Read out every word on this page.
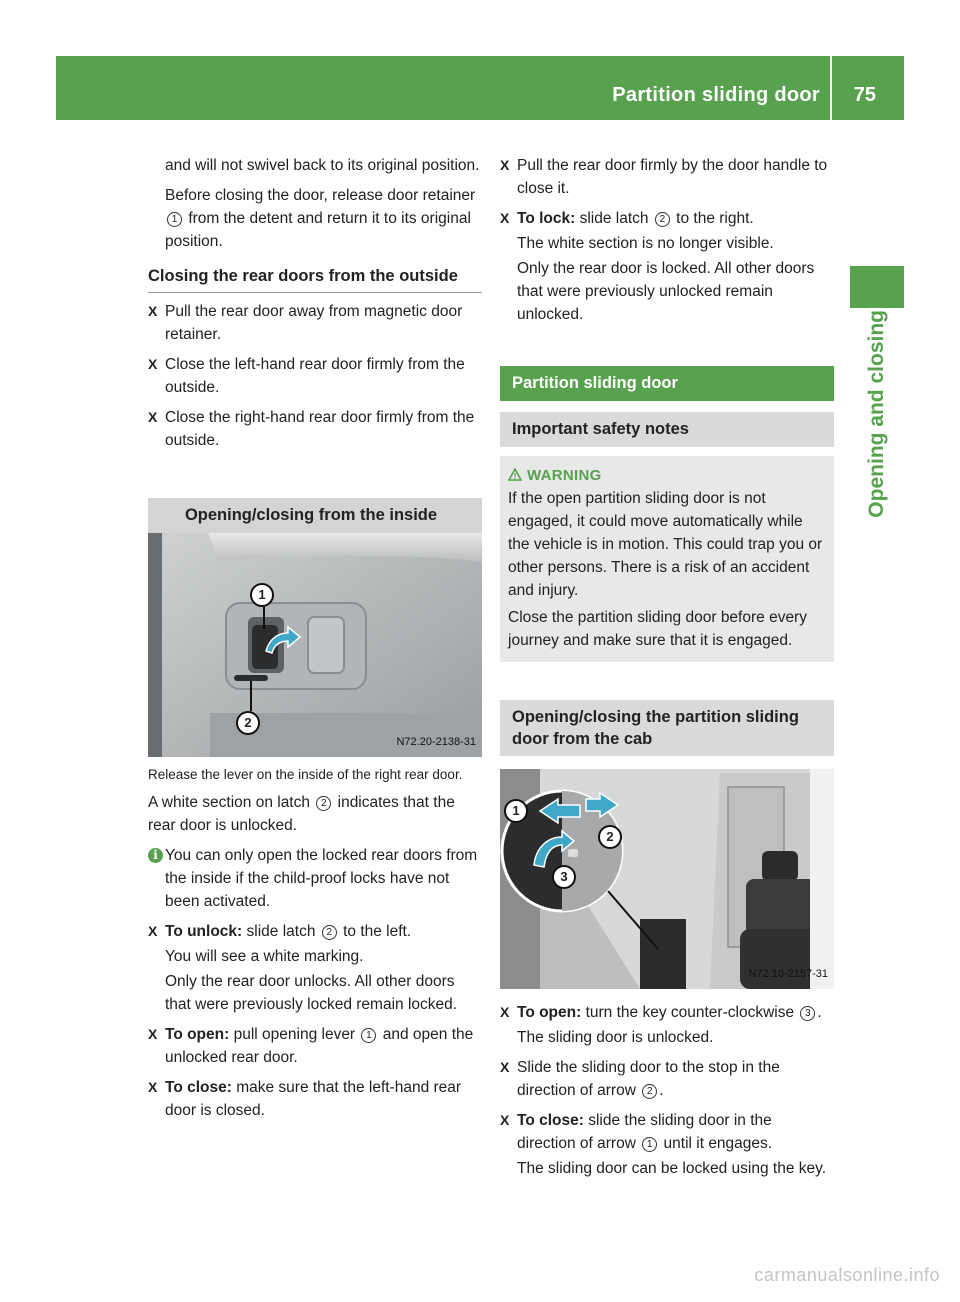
Partition sliding door 75
Opening and closing

and will not swivel back to its original position.

Before closing the door, release door retainer 1 from the detent and return it to its original position.

Closing the rear doors from the outside
X Pull the rear door away from magnetic door retainer.
X Close the left-hand rear door firmly from the outside.
X Close the right-hand rear door firmly from the outside.
Opening/closing from the inside
1
2
N72.20-2138-31

Release the lever on the inside of the right rear door.

A white section on latch 2 indicates that the rear door is unlocked.

i You can only open the locked rear doors from the inside if the child-proof locks have not been activated.

X To unlock: slide latch 2 to the left.

You will see a white marking.

Only the rear door unlocks. All other doors that were previously locked remain locked.

X To open: pull opening lever 1 and open the unlocked rear door.
X To close: make sure that the left-hand rear door is closed.
X Pull the rear door firmly by the door handle to close it.
X To lock: slide latch 2 to the right.

The white section is no longer visible.

Only the rear door is locked. All other doors that were previously unlocked remain unlocked.

Partition sliding door
Important safety notes
WARNING

If the open partition sliding door is not engaged, it could move automatically while the vehicle is in motion. This could trap you or other persons. There is a risk of an accident and injury.

Close the partition sliding door before every journey and make sure that it is engaged.

Opening/closing the partition sliding door from the cab
1
2
3
N72.10-2157-31
X To open: turn the key counter-clockwise 3 .

The sliding door is unlocked.

X Slide the sliding door to the stop in the direction of arrow 2 .
X To close: slide the sliding door in the direction of arrow 1 until it engages.

The sliding door can be locked using the key.

carmanualsonline.info
